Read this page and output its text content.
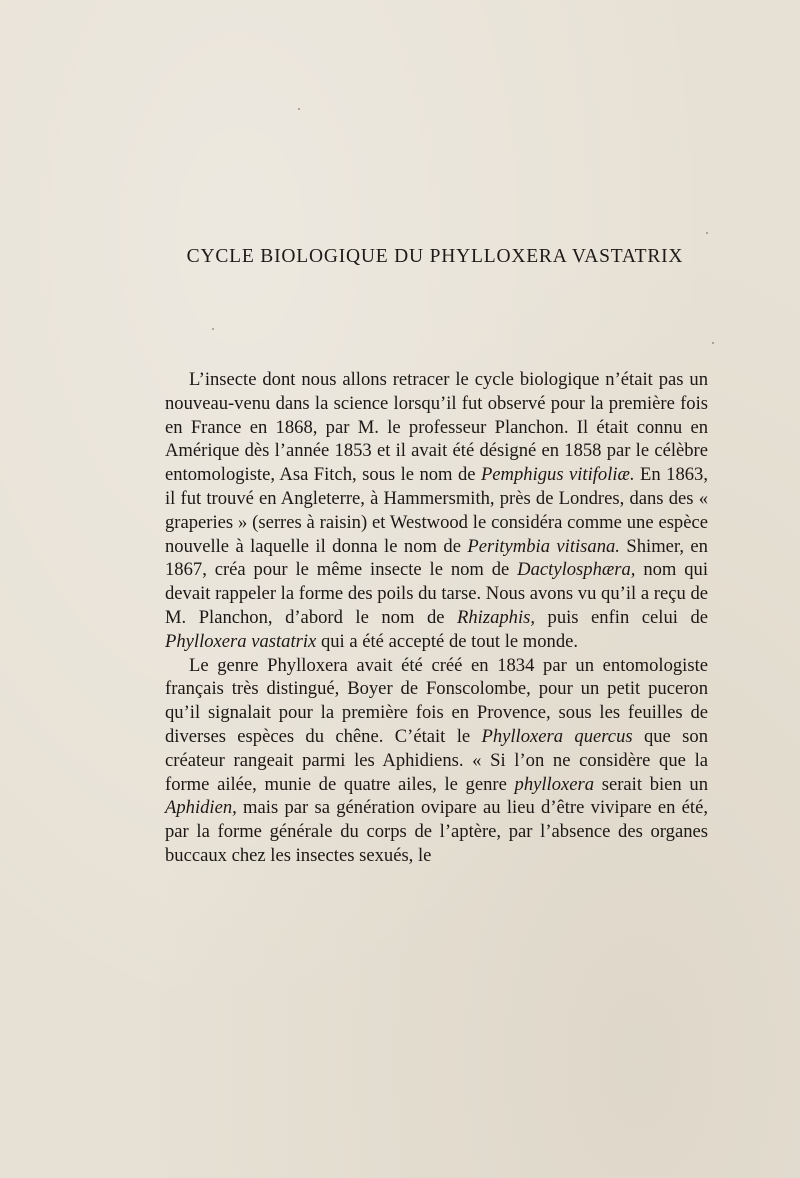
CYCLE BIOLOGIQUE DU PHYLLOXERA VASTATRIX

L’insecte dont nous allons retracer le cycle biologique n’était pas un nouveau-venu dans la science lorsqu’il fut observé pour la première fois en France en 1868, par M. le professeur Planchon. Il était connu en Amérique dès l’année 1853 et il avait été désigné en 1858 par le célèbre entomologiste, Asa Fitch, sous le nom de Pemphigus vitifoliæ. En 1863, il fut trouvé en Angleterre, à Hammersmith, près de Londres, dans des « graperies » (serres à raisin) et Westwood le considéra comme une espèce nouvelle à laquelle il donna le nom de Peritymbia vitisana. Shimer, en 1867, créa pour le même insecte le nom de Dactylosphæra, nom qui devait rappeler la forme des poils du tarse. Nous avons vu qu’il a reçu de M. Planchon, d’abord le nom de Rhizaphis, puis enfin celui de Phylloxera vastatrix qui a été accepté de tout le monde.

Le genre Phylloxera avait été créé en 1834 par un entomologiste français très distingué, Boyer de Fonscolombe, pour un petit puceron qu’il signalait pour la première fois en Provence, sous les feuilles de diverses espèces du chêne. C’était le Phylloxera quercus que son créateur rangeait parmi les Aphidiens. « Si l’on ne considère que la forme ailée, munie de quatre ailes, le genre phylloxera serait bien un Aphidien, mais par sa génération ovipare au lieu d’être vivipare en été, par la forme générale du corps de l’aptère, par l’absence des organes buccaux chez les insectes sexués, le
